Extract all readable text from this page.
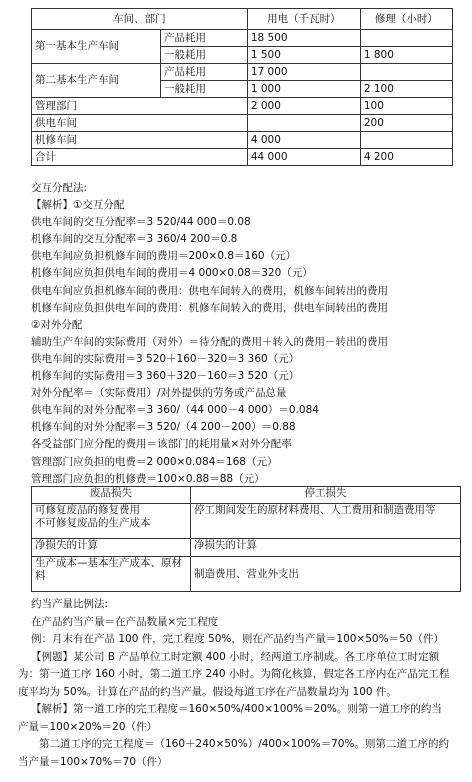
车间、部门		用电（千瓦时）	修理（小时）
第一基本生产车间	产品耗用	18 500	
	一般耗用	1 500	1 800
第二基本生产车间	产品耗用	17 000	
	一般耗用	1 000	2 100
管理部门		2 000	100
供电车间			200
机修车间		4 000	
合计		44 000	4 200
交互分配法:
【解析】①交互分配
供电车间的交互分配率＝3 520/44 000＝0.08
机修车间的交互分配率＝3 360/4 200＝0.8
供电车间应负担机修车间的费用＝200×0.8＝160（元）
机修车间应负担供电车间的费用＝4 000×0.08＝320（元）
供电车间应负担机修车间的费用：供电车间转入的费用，机修车间转出的费用
机修车间应负担供电车间的费用：机修车间转入的费用，供电车间转出的费用
②对外分配
辅助生产车间的实际费用（对外）＝待分配的费用＋转入的费用－转出的费用
供电车间的实际费用＝3 520＋160－320＝3 360（元）
机修车间的实际费用＝3 360＋320－160＝3 520（元）
对外分配率＝（实际费用）/对外提供的劳务或产品总量
供电车间的对外分配率＝3 360/（44 000－4 000）＝0.084
机修车间的对外分配率＝3 520/（4 200－200）＝0.88
各受益部门应分配的费用＝该部门的耗用量×对外分配率
管理部门应负担的电费＝2 000×0.084＝168（元）
管理部门应负担的机修费＝100×0.88＝88（元）
废品损失	停工损失
可修复废品的修复费用
不可修复废品的生产成本	停工期间发生的原材料费用、人工费用和制造费用等
净损失的计算	净损失的计算
生产成本—基本生产成本、原材料	制造费用、营业外支出
约当产量比例法:
在产品约当产量＝在产品数量×完工程度
例：月末有在产品 100 件，完工程度 50%，则在产品约当产量＝100×50%＝50（件）
【例题】某公司 B 产品单位工时定额 400 小时，经两道工序制成。各工序单位工时定额
为：第一道工序 160 小时，第二道工序 240 小时。为简化核算，假定各工序内在产品完工程
度平均为 50%。计算在产品的约当产量。假设每道工序在产品数量均为 100 件。
【解析】第一道工序的完工程度＝160×50%/400×100%＝20%。则第一道工序的约当
产量＝100×20%＝20（件）
　　第二道工序的完工程度＝（160＋240×50%）/400×100%＝70%。则第二道工序的约
当产量＝100×70%＝70（件）
